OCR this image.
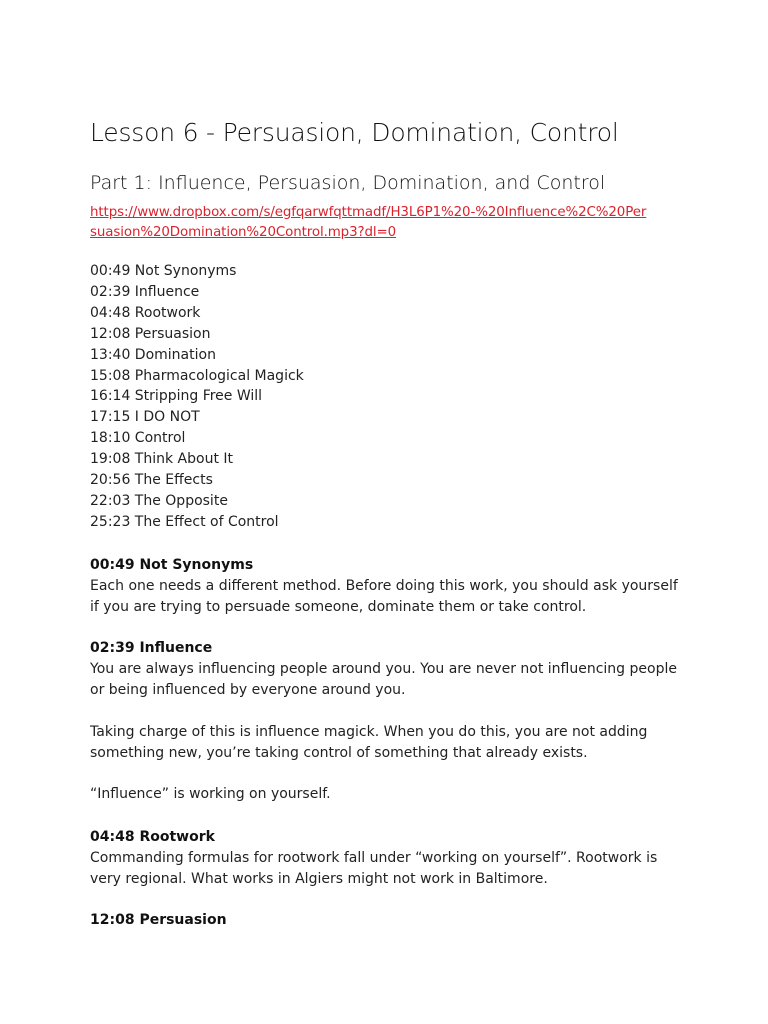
Lesson 6 - Persuasion, Domination, Control
Part 1: Influence, Persuasion, Domination, and Control
https://www.dropbox.com/s/egfqarwfqttmadf/H3L6P1%20-%20Influence%2C%20Persuasion%20Domination%20Control.mp3?dl=0
00:49 Not Synonyms
02:39 Influence
04:48 Rootwork
12:08 Persuasion
13:40 Domination
15:08 Pharmacological Magick
16:14 Stripping Free Will
17:15 I DO NOT
18:10 Control
19:08 Think About It
20:56 The Effects
22:03 The Opposite
25:23 The Effect of Control
00:49 Not Synonyms

Each one needs a different method. Before doing this work, you should ask yourself if you are trying to persuade someone, dominate them or take control.

02:39 Influence

You are always influencing people around you. You are never not influencing people or being influenced by everyone around you.

Taking charge of this is influence magick. When you do this, you are not adding something new, you’re taking control of something that already exists.

“Influence” is working on yourself.

04:48 Rootwork

Commanding formulas for rootwork fall under “working on yourself”. Rootwork is very regional. What works in Algiers might not work in Baltimore.

12:08 Persuasion
